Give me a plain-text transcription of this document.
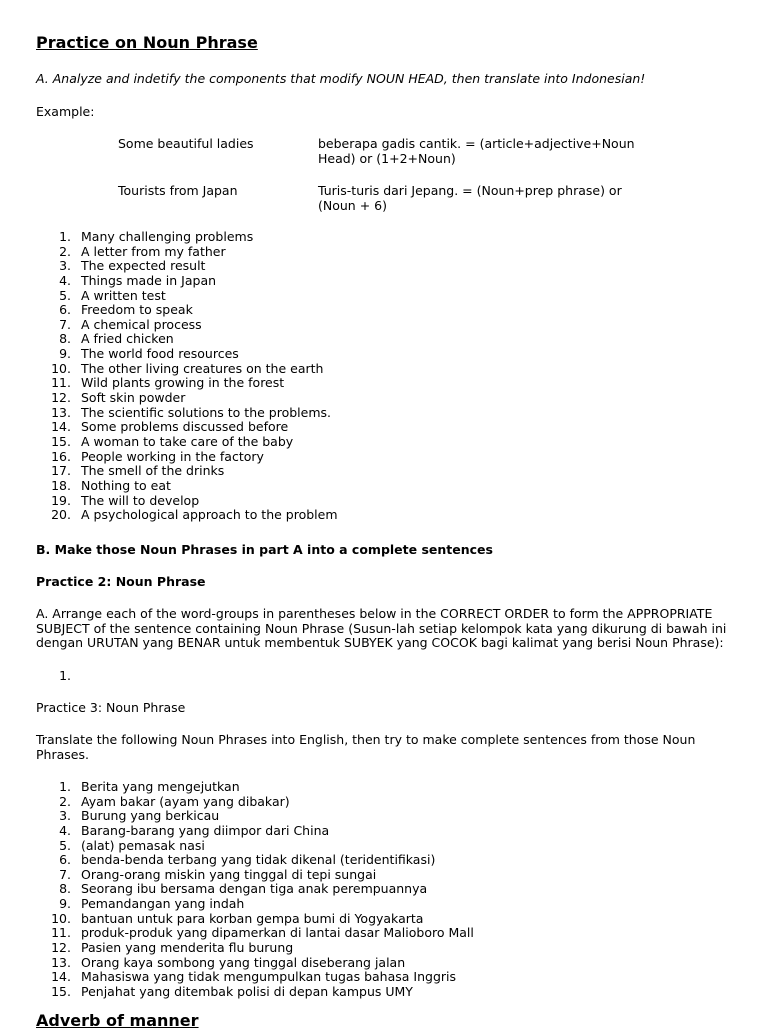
Practice on Noun Phrase
A. Analyze and indetify the components that modify NOUN HEAD, then translate into Indonesian!
Example:
Some beautiful ladies	beberapa gadis cantik. = (article+adjective+Noun Head) or (1+2+Noun)
Tourists from Japan	Turis-turis dari Jepang. = (Noun+prep phrase) or (Noun + 6)
1 .	Many challenging problems
2 .	A letter from my father
3 .	The expected result
4 .	Things made in Japan
5 .	A written test
6 .	Freedom to speak
7 .	A chemical process
8 .	A fried chicken
9 .	The world food resources
10 .	The other living creatures on the earth
11 .	Wild plants growing in the forest
12 .	Soft skin powder
13 .	The scientific solutions to the problems.
14 .	Some problems discussed before
15 .	A woman to take care of the baby
16 .	People working in the factory
17 .	The smell of the drinks
18 .	Nothing to eat
19 .	The will to develop
20 .	A psychological approach to the problem
B. Make those Noun Phrases in part A into a complete sentences
Practice 2: Noun Phrase
A. Arrange each of the word-groups in parentheses below in the CORRECT ORDER to form the APPROPRIATE SUBJECT of the sentence containing Noun Phrase (Susun-lah setiap kelompok kata yang dikurung di bawah ini dengan URUTAN yang BENAR untuk membentuk SUBYEK yang COCOK bagi kalimat yang berisi Noun Phrase):
1 .
Practice 3: Noun Phrase
Translate the following Noun Phrases into English, then try to make complete sentences from those Noun Phrases.
1 .	Berita yang mengejutkan
2 .	Ayam bakar (ayam yang dibakar)
3 .	Burung yang berkicau
4 .	Barang-barang yang diimpor dari China
5 .	(alat) pemasak nasi
6 .	benda-benda terbang yang tidak dikenal (teridentifikasi)
7 .	Orang-orang miskin yang tinggal di tepi sungai
8 .	Seorang ibu bersama dengan tiga anak perempuannya
9 .	Pemandangan yang indah
10 .	bantuan untuk para korban gempa bumi di Yogyakarta
11 .	produk-produk yang dipamerkan di lantai dasar Malioboro Mall
12 .	Pasien yang menderita flu burung
13 .	Orang kaya sombong yang tinggal diseberang jalan
14 .	Mahasiswa yang tidak mengumpulkan tugas bahasa Inggris
15 .	Penjahat yang ditembak polisi di depan kampus UMY
Adverb of manner
